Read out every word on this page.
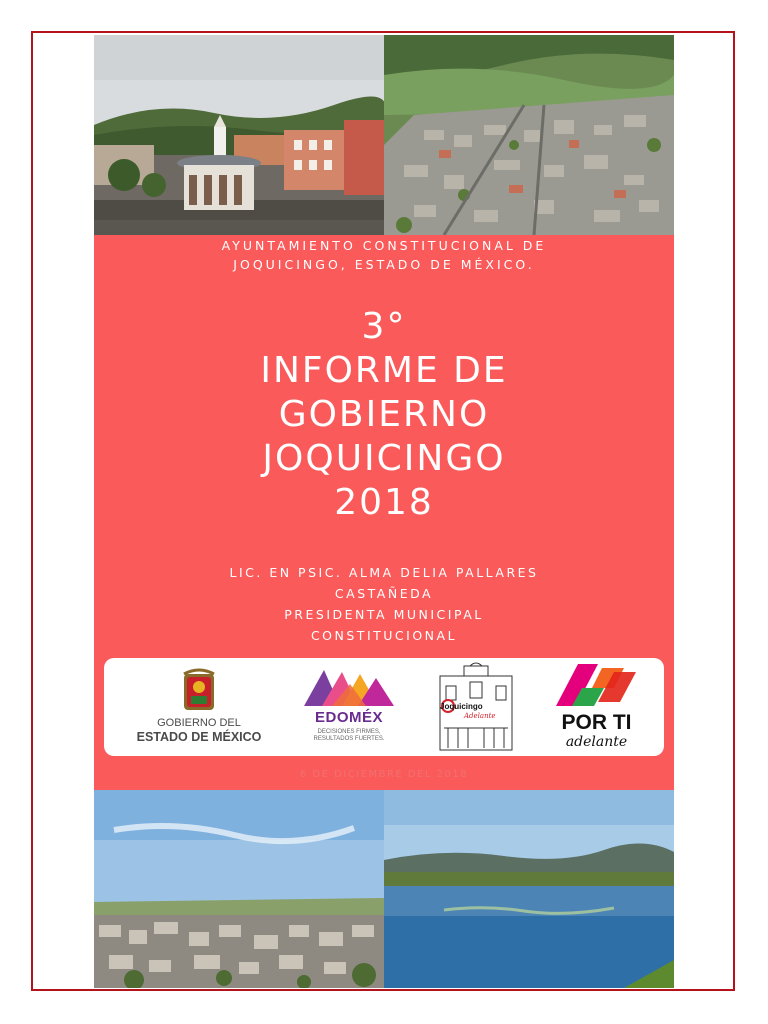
AYUNTAMIENTO CONSTITUCIONAL DE
JOQUICINGO, ESTADO DE MÉXICO.
3°
INFORME DE
GOBIERNO
JOQUICINGO
2018
LIC. EN PSIC. ALMA DELIA PALLARES
CASTAÑEDA
PRESIDENTA MUNICIPAL
CONSTITUCIONAL
GOBIERNO DEL
ESTADO DE MÉXICO
EDOMÉX
DECISIONES FIRMES,
RESULTADOS FUERTES.
Joquicingo
Adelante	POR TI
adelante
6 DE DICIEMBRE DEL 2018
